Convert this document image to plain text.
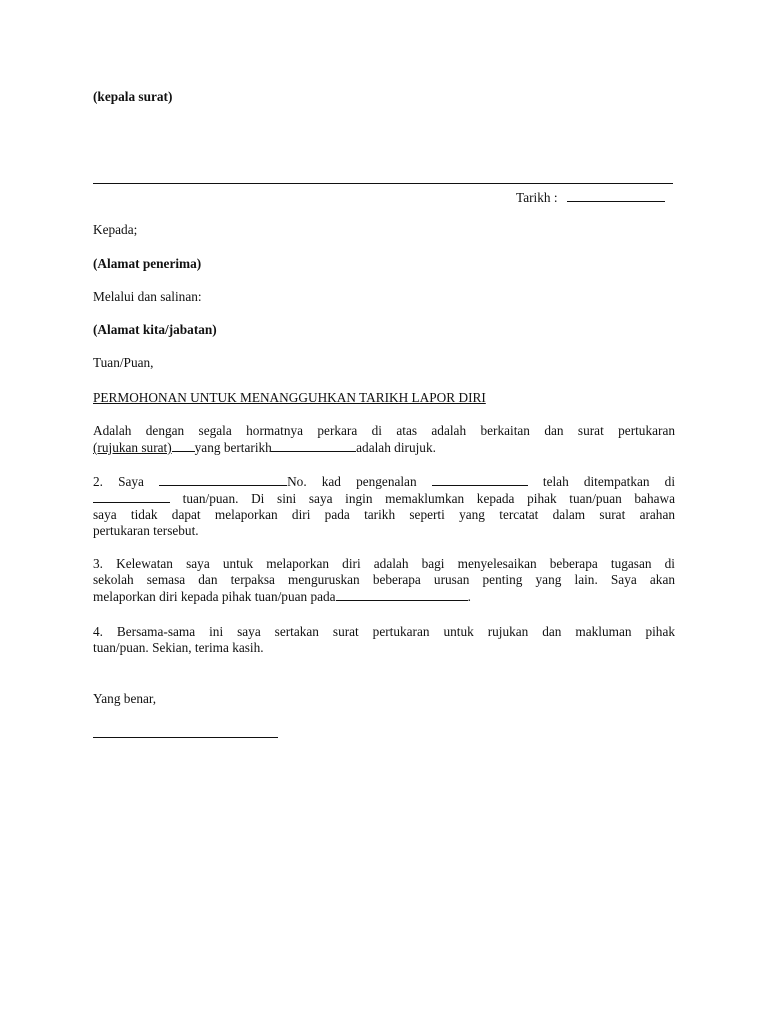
(kepala surat)
Tarikh :
Kepada;
(Alamat penerima)
Melalui dan salinan:
(Alamat kita/jabatan)
Tuan/Puan,
PERMOHONAN UNTUK MENANGGUHKAN TARIKH LAPOR DIRI

Adalah dengan segala hormatnya perkara di atas adalah berkaitan dan surat pertukaran

(rujukan surat) yang bertarikh	adalah dirujuk.

2. Saya	No. kad pengenalan	telah ditempatkan di

tuan/puan. Di sini saya ingin memaklumkan kepada pihak tuan/puan bahawa

saya tidak dapat melaporkan diri pada tarikh seperti yang tercatat dalam surat arahan

pertukaran tersebut.

3. Kelewatan saya untuk melaporkan diri adalah bagi menyelesaikan beberapa tugasan di

sekolah semasa dan terpaksa menguruskan beberapa urusan penting yang lain. Saya akan

melaporkan diri kepada pihak tuan/puan pada	.

4. Bersama-sama ini saya sertakan surat pertukaran untuk rujukan dan makluman pihak

tuan/puan. Sekian, terima kasih.

Yang benar,
